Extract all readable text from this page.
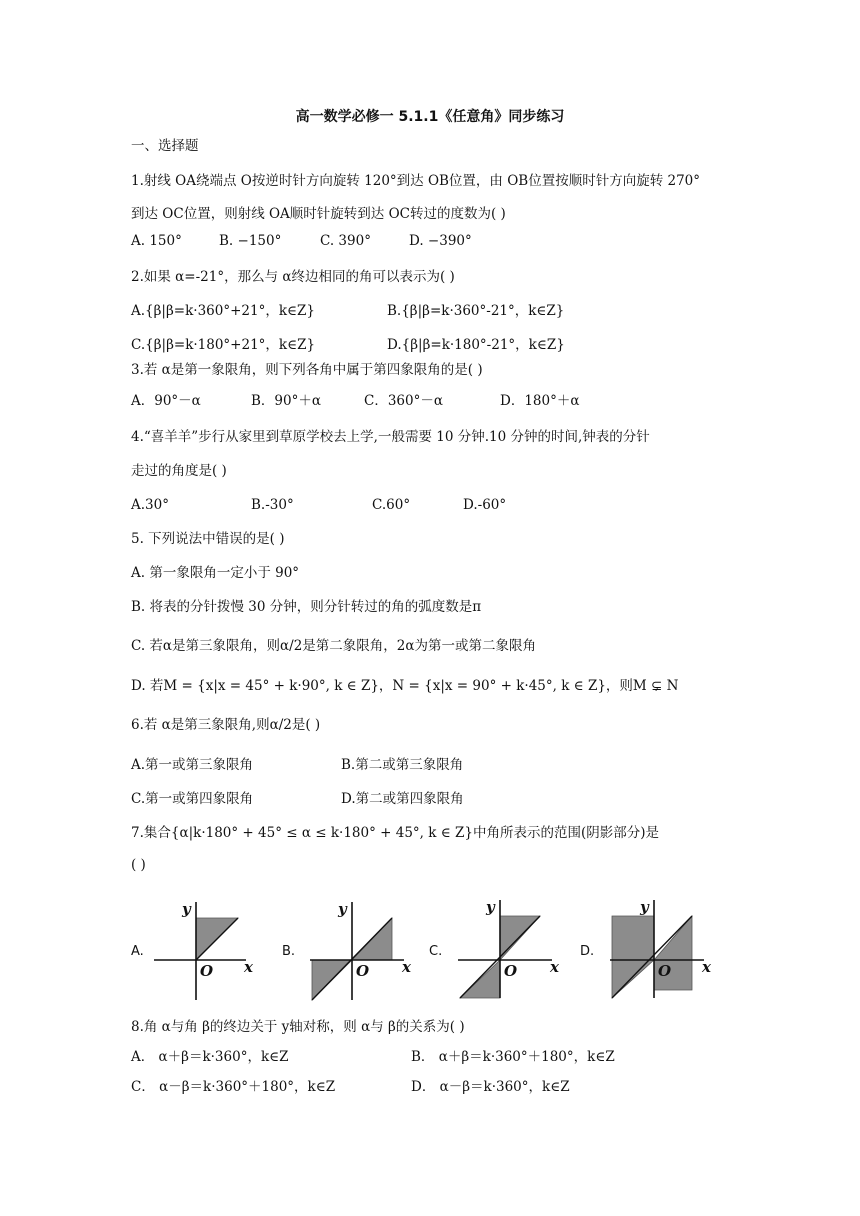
高一数学必修一 5.1.1《任意角》同步练习
一、选择题
1.射线 OA绕端点 O按逆时针方向旋转 120°到达 OB位置，由 OB位置按顺时针方向旋转 270°
到达 OC位置，则射线 OA顺时针旋转到达 OC转过的度数为( )
A. 150°	B. −150°	C. 390°	D. −390°
2.如果 α=-21°，那么与 α终边相同的角可以表示为( )
A.{β|β=k·360°+21°，k∈Z}	B.{β|β=k·360°-21°，k∈Z}
C.{β|β=k·180°+21°，k∈Z}	D.{β|β=k·180°-21°，k∈Z}
3.若 α是第一象限角，则下列各角中属于第四象限角的是( )
A．90°－α	B．90°＋α	C．360°－α	D．180°＋α
4.“喜羊羊”步行从家里到草原学校去上学,一般需要 10 分钟.10 分钟的时间,钟表的分针
走过的角度是( )
A.30°	B.-30°	C.60°	D.-60°
5. 下列说法中错误的是( )
A. 第一象限角一定小于 90°
B. 将表的分针拨慢 30 分钟，则分针转过的角的弧度数是π
C. 若α是第三象限角，则α/2是第二象限角，2α为第一或第二象限角
D. 若M = {x|x = 45° + k·90°, k ∈ Z}，N = {x|x = 90° + k·45°, k ∈ Z}，则M ⊊ N
6.若 α是第三象限角,则α/2是( )
A.第一或第三象限角	B.第二或第三象限角
C.第一或第四象限角	D.第二或第四象限角
7.集合{α|k·180° + 45° ≤ α ≤ k·180° + 45°, k ∈ Z}中角所表示的范围(阴影部分)是
( )
A.	B.	C.	D.
y
x
O
y
x
O
y
x
O
y
x
O
8.角 α与角 β的终边关于 y轴对称，则 α与 β的关系为( )
A． α＋β＝k·360°，k∈Z	B． α＋β＝k·360°＋180°，k∈Z
C． α－β＝k·360°＋180°，k∈Z	D． α－β＝k·360°，k∈Z
